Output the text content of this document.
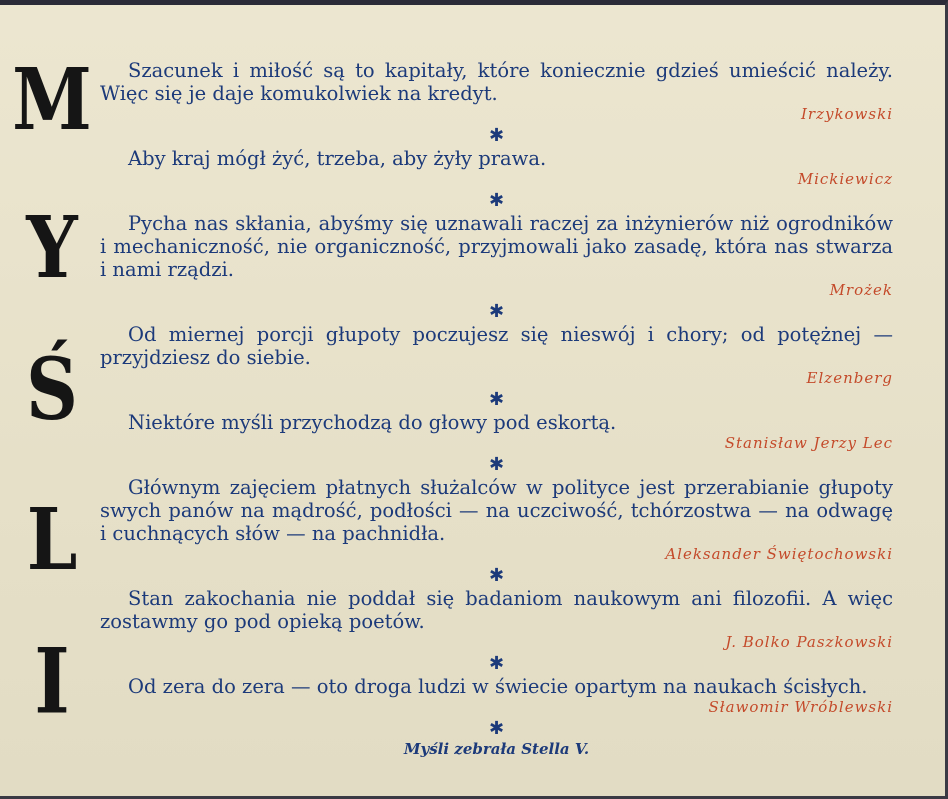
M
Y
Ś
L
I

Szacunek i miłość są to kapitały, które koniecznie gdzieś umieścić należy. Więc się je daje komukolwiek na kredyt.

Irzykowski
✱

Aby kraj mógł żyć, trzeba, aby żyły prawa.

Mickiewicz
✱

Pycha nas skłania, abyśmy się uznawali raczej za inżynierów niż ogrodników i mechaniczność, nie organiczność, przyjmowali jako zasadę, która nas stwarza i nami rządzi.

Mrożek
✱

Od miernej porcji głupoty poczujesz się nieswój i chory; od potężnej — przyjdziesz do siebie.

Elzenberg
✱

Niektóre myśli przychodzą do głowy pod eskortą.

Stanisław Jerzy Lec
✱

Głównym zajęciem płatnych służalców w polityce jest przerabianie głupoty swych panów na mądrość, podłości — na uczciwość, tchórzostwa — na odwagę i cuchnących słów — na pachnidła.

Aleksander Świętochowski
✱

Stan zakochania nie poddał się badaniom naukowym ani filozofii. A więc zostawmy go pod opieką poetów.

J. Bolko Paszkowski
✱

Od zera do zera — oto droga ludzi w świecie opartym na naukach ścisłych.

Sławomir Wróblewski
✱
Myśli zebrała Stella V.
